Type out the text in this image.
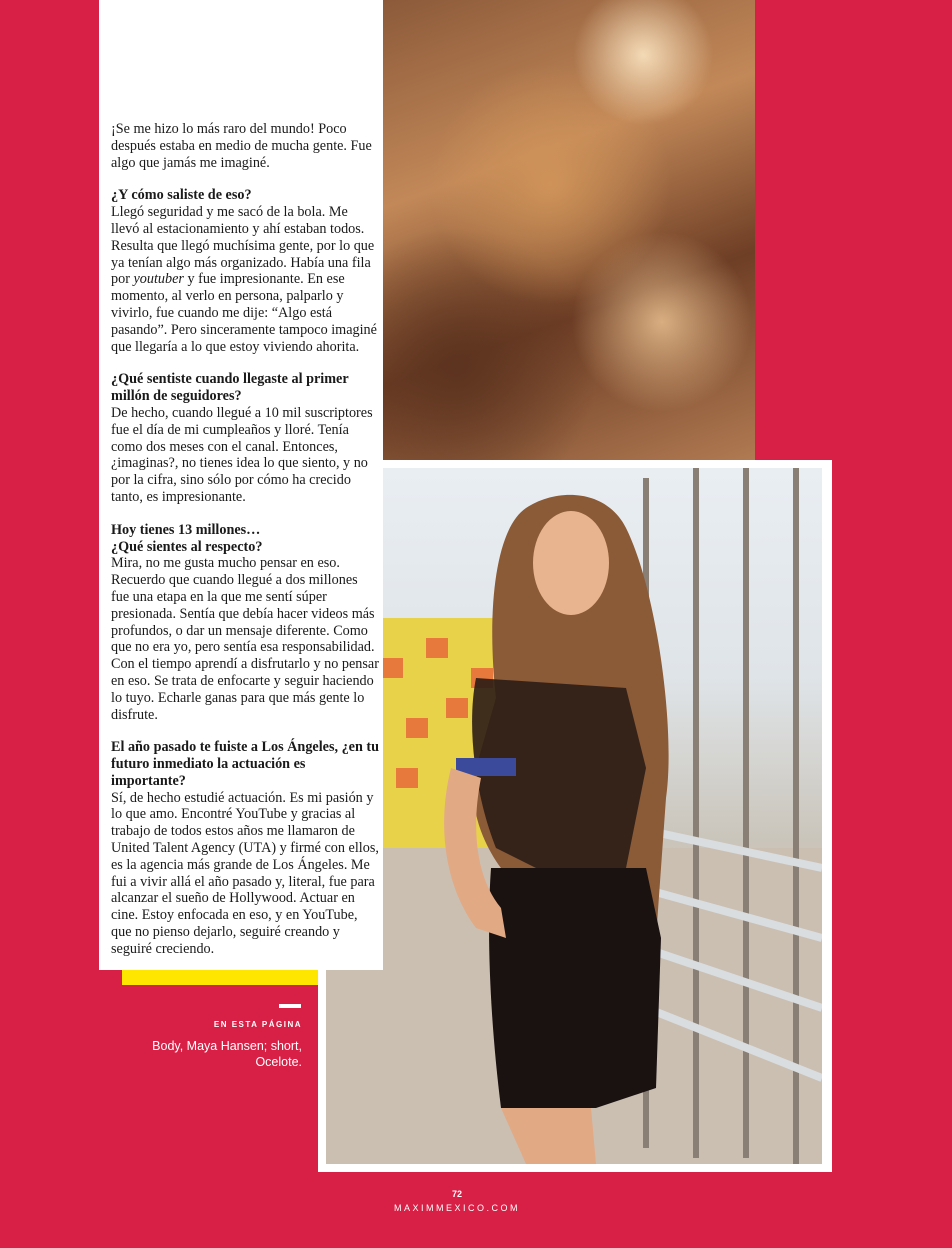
¡Se me hizo lo más raro del mundo! Poco después estaba en medio de mucha gente. Fue algo que jamás me imaginé.

¿Y cómo saliste de eso?
Llegó seguridad y me sacó de la bola. Me llevó al estacionamiento y ahí estaban todos. Resulta que llegó muchísima gente, por lo que ya tenían algo más organizado. Había una fila por youtuber y fue impresionante. En ese momento, al verlo en persona, palparlo y vivirlo, fue cuando me dije: “Algo está pasando”. Pero sinceramente tampoco imaginé que llegaría a lo que estoy viviendo ahorita.

¿Qué sentiste cuando llegaste al primer millón de seguidores?
De hecho, cuando llegué a 10 mil suscriptores fue el día de mi cumpleaños y lloré. Tenía como dos meses con el canal. Entonces, ¿imaginas?, no tienes idea lo que siento, y no por la cifra, sino sólo por cómo ha crecido tanto, es impresionante.

Hoy tienes 13 millones…
¿Qué sientes al respecto?
Mira, no me gusta mucho pensar en eso. Recuerdo que cuando llegué a dos millones fue una etapa en la que me sentí súper presionada. Sentía que debía hacer videos más profundos, o dar un mensaje diferente. Como que no era yo, pero sentía esa responsabilidad. Con el tiempo aprendí a disfrutarlo y no pensar en eso. Se trata de enfocarte y seguir haciendo lo tuyo. Echarle ganas para que más gente lo disfrute.

El año pasado te fuiste a Los Ángeles, ¿en tu futuro inmediato la actuación es importante?
Sí, de hecho estudié actuación. Es mi pasión y lo que amo. Encontré YouTube y gracias al trabajo de todos estos años me llamaron de United Talent Agency (UTA) y firmé con ellos, es la agencia más grande de Los Ángeles. Me fui a vivir allá el año pasado y, literal, fue para alcanzar el sueño de Hollywood. Actuar en cine. Estoy enfocada en eso, y en YouTube, que no pienso dejarlo, seguiré creando y seguiré creciendo.

EN ESTA PÁGINA
Body, Maya Hansen; short, Ocelote.
72
MAXIMMEXICO.COM
